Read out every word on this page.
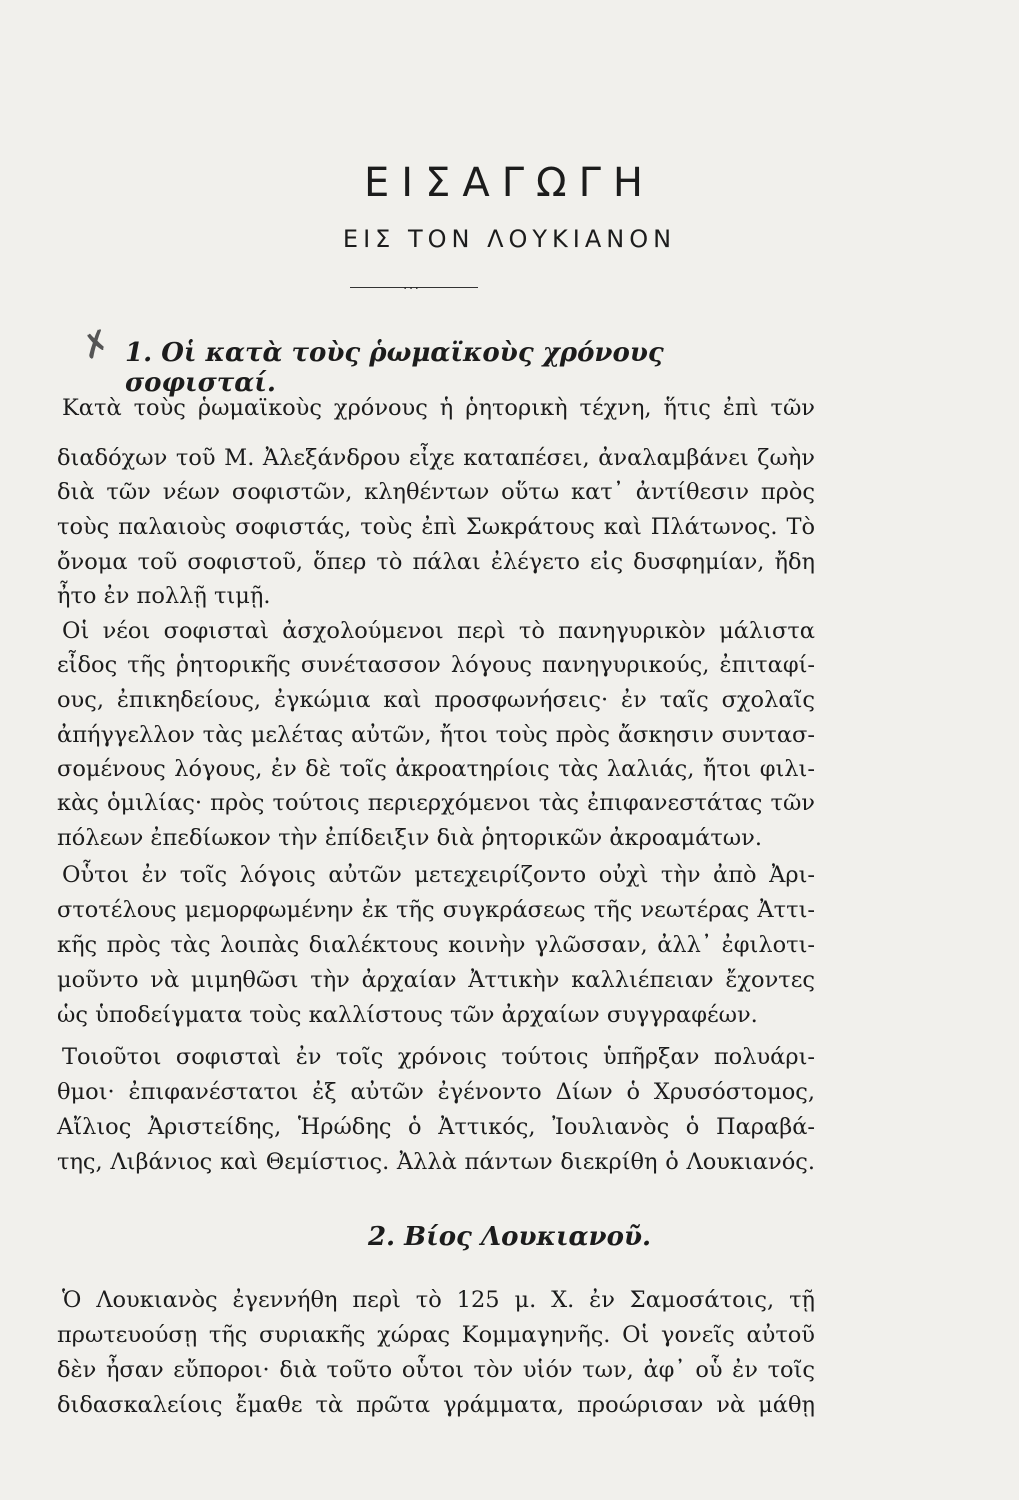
✗
ΕΙΣΑΓΩΓΗ
ΕΙΣ ΤΟΝ ΛΟΥΚΙΑΝΟΝ
...
1. Οἱ κατὰ τοὺς ῥωμαϊκοὺς χρόνους σοφισταί.
Κατὰ τοὺς ῥωμαϊκοὺς χρόνους ἡ ῥητορικὴ τέχνη, ἥτις ἐπὶ τῶν
διαδόχων τοῦ Μ. Ἀλεξάνδρου εἶχε καταπέσει, ἀναλαμβάνει ζωὴν
διὰ τῶν νέων σοφιστῶν, κληθέντων οὕτω κατ᾽ ἀντίθεσιν πρὸς
τοὺς παλαιοὺς σοφιστάς, τοὺς ἐπὶ Σωκράτους καὶ Πλάτωνος. Τὸ
ὄνομα τοῦ σοφιστοῦ, ὅπερ τὸ πάλαι ἐλέγετο εἰς δυσφημίαν, ἤδη
ἦτο ἐν πολλῇ τιμῇ.
Οἱ νέοι σοφισταὶ ἀσχολούμενοι περὶ τὸ πανηγυρικὸν μάλιστα
εἶδος τῆς ῥητορικῆς συνέτασσον λόγους πανηγυρικούς, ἐπιταφί-
ους, ἐπικηδείους, ἐγκώμια καὶ προσφωνήσεις· ἐν ταῖς σχολαῖς
ἀπήγγελλον τὰς μελέτας αὐτῶν, ἤτοι τοὺς πρὸς ἄσκησιν συντασ-
σομένους λόγους, ἐν δὲ τοῖς ἀκροατηρίοις τὰς λαλιάς, ἤτοι φιλι-
κὰς ὁμιλίας· πρὸς τούτοις περιερχόμενοι τὰς ἐπιφανεστάτας τῶν
πόλεων ἐπεδίωκον τὴν ἐπίδειξιν διὰ ῥητορικῶν ἀκροαμάτων.
Οὗτοι ἐν τοῖς λόγοις αὐτῶν μετεχειρίζοντο οὐχὶ τὴν ἀπὸ Ἀρι-
στοτέλους μεμορφωμένην ἐκ τῆς συγκράσεως τῆς νεωτέρας Ἀττι-
κῆς πρὸς τὰς λοιπὰς διαλέκτους κοινὴν γλῶσσαν, ἀλλ᾽ ἐφιλοτι-
μοῦντο νὰ μιμηθῶσι τὴν ἀρχαίαν Ἀττικὴν καλλιέπειαν ἔχοντες
ὡς ὑποδείγματα τοὺς καλλίστους τῶν ἀρχαίων συγγραφέων.
Τοιοῦτοι σοφισταὶ ἐν τοῖς χρόνοις τούτοις ὑπῆρξαν πολυάρι-
θμοι· ἐπιφανέστατοι ἐξ αὐτῶν ἐγένοντο Δίων ὁ Χρυσόστομος,
Αἴλιος Ἀριστείδης, Ἡρώδης ὁ Ἀττικός, Ἰουλιανὸς ὁ Παραβά-
της, Λιβάνιος καὶ Θεμίστιος. Ἀλλὰ πάντων διεκρίθη ὁ Λουκιανός.
2. Βίος Λουκιανοῦ.
Ὁ Λουκιανὸς ἐγεννήθη περὶ τὸ 125 μ. Χ. ἐν Σαμοσάτοις, τῇ
πρωτευούσῃ τῆς συριακῆς χώρας Κομμαγηνῆς. Οἱ γονεῖς αὐτοῦ
δὲν ἦσαν εὔποροι· διὰ τοῦτο οὗτοι τὸν υἱόν των, ἀφ᾽ οὗ ἐν τοῖς
διδασκαλείοις ἔμαθε τὰ πρῶτα γράμματα, προώρισαν νὰ μάθῃ
